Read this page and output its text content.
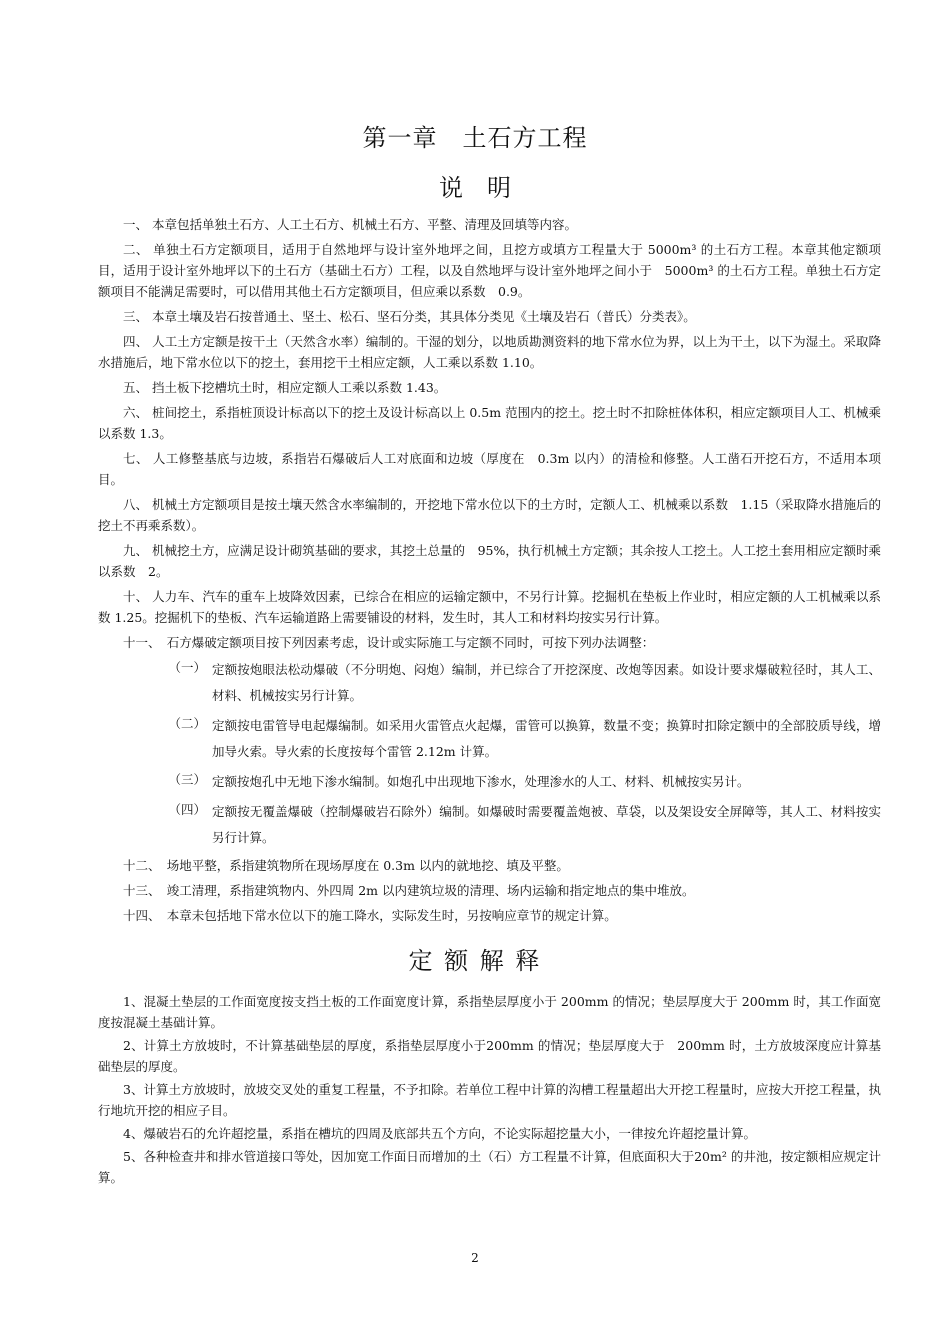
第一章　土石方工程
说　明

一、 本章包括单独土石方、人工土石方、机械土石方、平整、清理及回填等内容。

二、 单独土石方定额项目，适用于自然地坪与设计室外地坪之间，且挖方或填方工程量大于 5000m³ 的土石方工程。本章其他定额项目，适用于设计室外地坪以下的土石方（基础土石方）工程，以及自然地坪与设计室外地坪之间小于　5000m³ 的土石方工程。单独土石方定额项目不能满足需要时，可以借用其他土石方定额项目，但应乘以系数　0.9。

三、 本章土壤及岩石按普通土、坚土、松石、坚石分类，其具体分类见《土壤及岩石（普氏）分类表》。

四、 人工土方定额是按干土（天然含水率）编制的。干湿的划分，以地质勘测资料的地下常水位为界，以上为干土，以下为湿土。采取降水措施后，地下常水位以下的挖土，套用挖干土相应定额，人工乘以系数 1.10。

五、 挡土板下挖槽坑土时，相应定额人工乘以系数 1.43。

六、 桩间挖土，系指桩顶设计标高以下的挖土及设计标高以上 0.5m 范围内的挖土。挖土时不扣除桩体体积，相应定额项目人工、机械乘以系数 1.3。

七、 人工修整基底与边坡，系指岩石爆破后人工对底面和边坡（厚度在　0.3m 以内）的清检和修整。人工凿石开挖石方，不适用本项目。

八、 机械土方定额项目是按土壤天然含水率编制的，开挖地下常水位以下的土方时，定额人工、机械乘以系数　1.15（采取降水措施后的挖土不再乘系数）。

九、 机械挖土方，应满足设计砌筑基础的要求，其挖土总量的　95%，执行机械土方定额；其余按人工挖土。人工挖土套用相应定额时乘以系数　2。

十、 人力车、汽车的重车上坡降效因素，已综合在相应的运输定额中，不另行计算。挖掘机在垫板上作业时，相应定额的人工机械乘以系数 1.25。挖掘机下的垫板、汽车运输道路上需要铺设的材料，发生时，其人工和材料均按实另行计算。

十一、　石方爆破定额项目按下列因素考虑，设计或实际施工与定额不同时，可按下列办法调整：

（一） 定额按炮眼法松动爆破（不分明炮、闷炮）编制，并已综合了开挖深度、改炮等因素。如设计要求爆破粒径时，其人工、材料、机械按实另行计算。
（二） 定额按电雷管导电起爆编制。如采用火雷管点火起爆，雷管可以换算，数量不变；换算时扣除定额中的全部胶质导线，增加导火索。导火索的长度按每个雷管 2.12m 计算。
（三） 定额按炮孔中无地下渗水编制。如炮孔中出现地下渗水，处理渗水的人工、材料、机械按实另计。
（四） 定额按无覆盖爆破（控制爆破岩石除外）编制。如爆破时需要覆盖炮被、草袋，以及架设安全屏障等，其人工、材料按实另行计算。

十二、　场地平整，系指建筑物所在现场厚度在 0.3m 以内的就地挖、填及平整。

十三、　竣工清理，系指建筑物内、外四周 2m 以内建筑垃圾的清理、场内运输和指定地点的集中堆放。

十四、　本章未包括地下常水位以下的施工降水，实际发生时，另按响应章节的规定计算。

定 额 解 释

1、混凝土垫层的工作面宽度按支挡土板的工作面宽度计算，系指垫层厚度小于 200mm 的情况；垫层厚度大于 200mm 时，其工作面宽度按混凝土基础计算。

2、计算土方放坡时，不计算基础垫层的厚度，系指垫层厚度小于200mm 的情况；垫层厚度大于　200mm 时，土方放坡深度应计算基础垫层的厚度。

3、计算土方放坡时，放坡交叉处的重复工程量，不予扣除。若单位工程中计算的沟槽工程量超出大开挖工程量时，应按大开挖工程量，执行地坑开挖的相应子目。

4、爆破岩石的允许超挖量，系指在槽坑的四周及底部共五个方向，不论实际超挖量大小，一律按允许超挖量计算。

5、各种检查井和排水管道接口等处，因加宽工作面日而增加的土（石）方工程量不计算，但底面积大于20m² 的井池，按定额相应规定计算。

2
